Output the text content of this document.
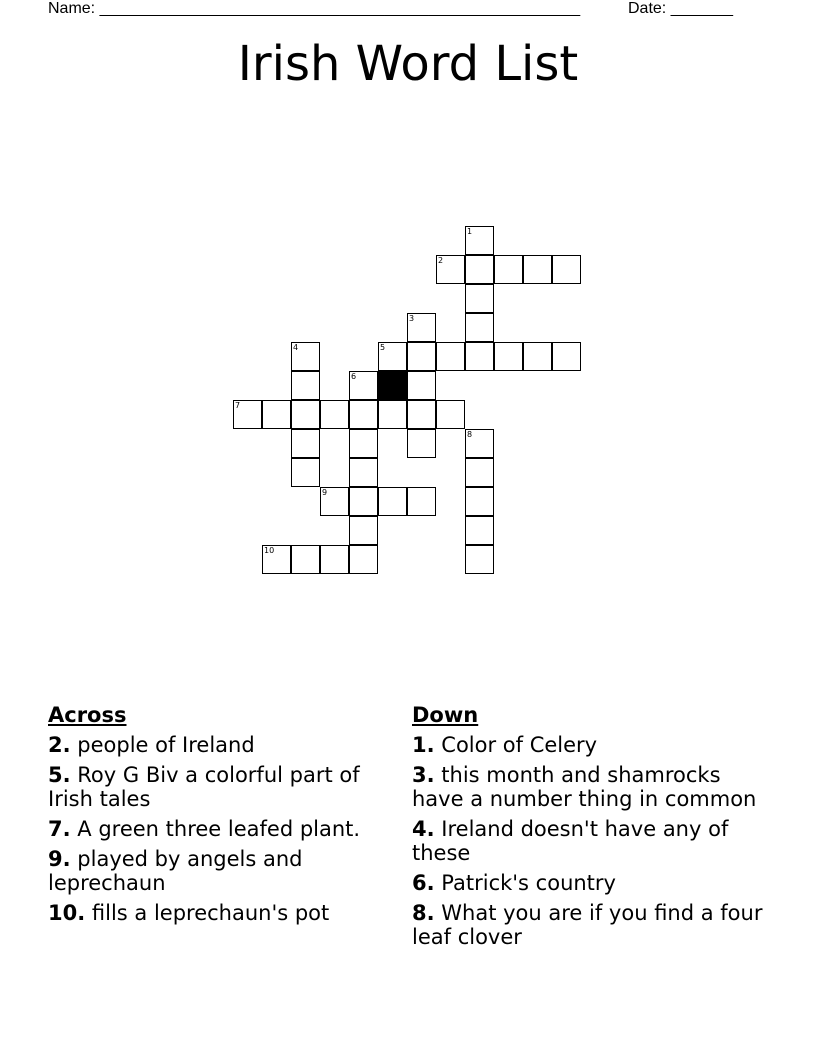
Name: ______________________________________________________	Date: _______
Irish Word List
1
2
3
4	5
6
7
8
9
10
Across
2. people of Ireland
5. Roy G Biv a colorful part of Irish tales
7. A green three leafed plant.
9. played by angels and leprechaun
10. fills a leprechaun's pot
Down
1. Color of Celery
3. this month and shamrocks have a number thing in common
4. Ireland doesn't have any of these
6. Patrick's country
8. What you are if you find a four leaf clover
